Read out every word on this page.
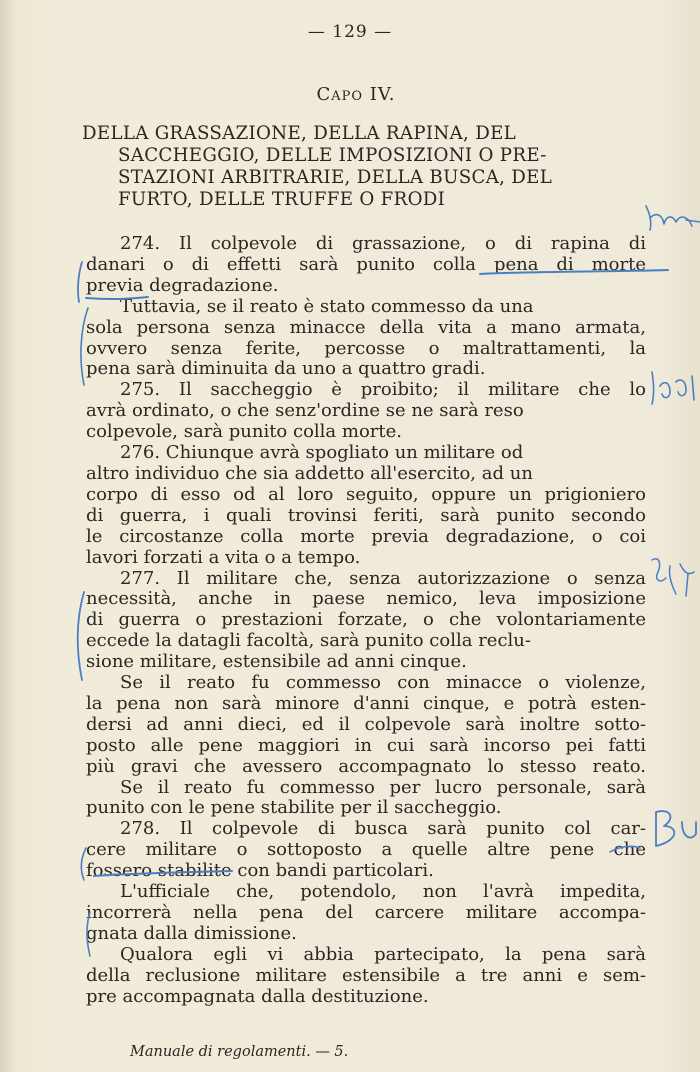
— 129 —
Capo IV.
DELLA GRASSAZIONE, DELLA RAPINA, DEL
SACCHEGGIO, DELLE IMPOSIZIONI O PRE-
STAZIONI ARBITRARIE, DELLA BUSCA, DEL
FURTO, DELLE TRUFFE O FRODI
274. Il colpevole di grassazione, o di rapina di
danari o di effetti sarà punito colla pena di morte
previa degradazione.
Tuttavia, se il reato è stato commesso da una
sola persona senza minacce della vita a mano armata,
ovvero senza ferite, percosse o maltrattamenti, la
pena sarà diminuita da uno a quattro gradi.
275. Il saccheggio è proibito; il militare che lo
avrà ordinato, o che senz'ordine se ne sarà reso
colpevole, sarà punito colla morte.
276. Chiunque avrà spogliato un militare od
altro individuo che sia addetto all'esercito, ad un
corpo di esso od al loro seguito, oppure un prigioniero
di guerra, i quali trovinsi feriti, sarà punito secondo
le circostanze colla morte previa degradazione, o coi
lavori forzati a vita o a tempo.
277. Il militare che, senza autorizzazione o senza
necessità, anche in paese nemico, leva imposizione
di guerra o prestazioni forzate, o che volontariamente
eccede la datagli facoltà, sarà punito colla reclu-
sione militare, estensibile ad anni cinque.
Se il reato fu commesso con minacce o violenze,
la pena non sarà minore d'anni cinque, e potrà esten-
dersi ad anni dieci, ed il colpevole sarà inoltre sotto-
posto alle pene maggiori in cui sarà incorso pei fatti
più gravi che avessero accompagnato lo stesso reato.
Se il reato fu commesso per lucro personale, sarà
punito con le pene stabilite per il saccheggio.
278. Il colpevole di busca sarà punito col car-
cere militare o sottoposto a quelle altre pene che
fossero stabilite con bandi particolari.
L'ufficiale che, potendolo, non l'avrà impedita,
incorrerà nella pena del carcere militare accompa-
gnata dalla dimissione.
Qualora egli vi abbia partecipato, la pena sarà
della reclusione militare estensibile a tre anni e sem-
pre accompagnata dalla destituzione.
Manuale di regolamenti. — 5.
